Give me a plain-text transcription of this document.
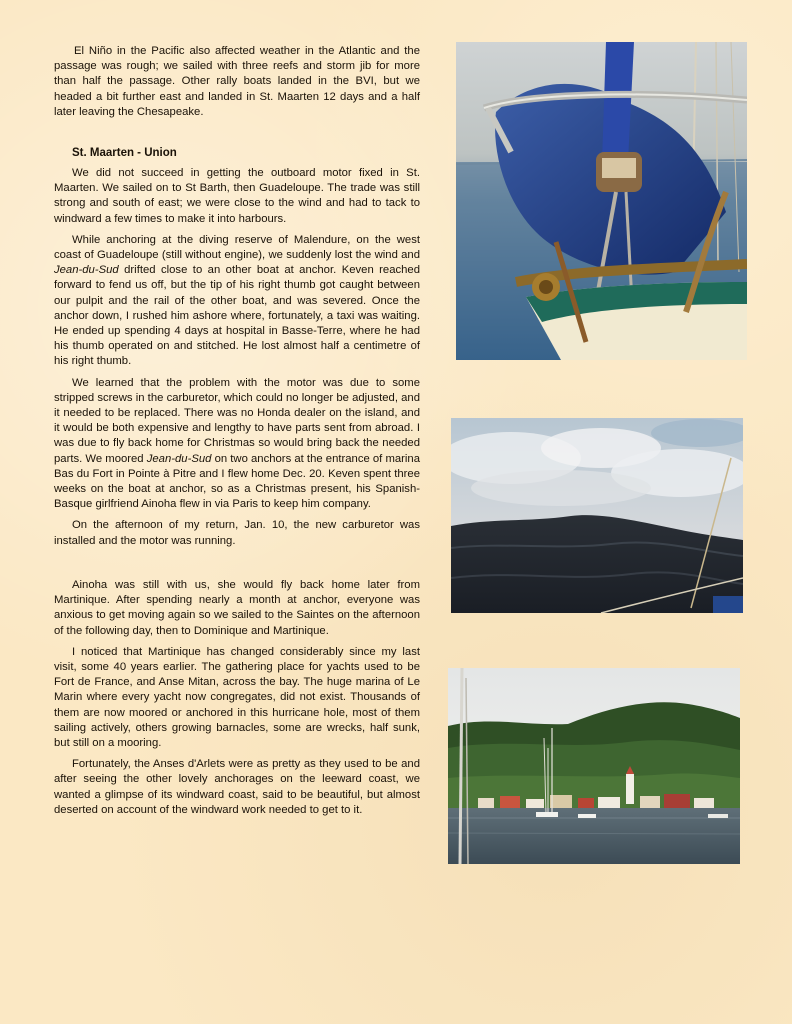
El Niño in the Pacific also affected weather in the Atlantic and the passage was rough; we sailed with three reefs and storm jib for more than half the passage. Other rally boats landed in the BVI, but we headed a bit further east and landed in St. Maarten 12 days and a half later leaving the Chesapeake.

St. Maarten - Union

We did not succeed in getting the outboard motor fixed in St. Maarten. We sailed on to St Barth, then Guadeloupe. The trade was still strong and south of east; we were close to the wind and had to tack to windward a few times to make it into harbours.

While anchoring at the diving reserve of Malendure, on the west coast of Guadeloupe (still without engine), we suddenly lost the wind and Jean-du-Sud drifted close to an other boat at anchor. Keven reached forward to fend us off, but the tip of his right thumb got caught between our pulpit and the rail of the other boat, and was severed. Once the anchor down, I rushed him ashore where, fortunately, a taxi was waiting. He ended up spending 4 days at hospital in Basse-Terre, where he had his thumb operated on and stitched. He lost almost half a centimetre of his right thumb.

We learned that the problem with the motor was due to some stripped screws in the carburetor, which could no longer be adjusted, and it needed to be replaced. There was no Honda dealer on the island, and it would be both expensive and lengthy to have parts sent from abroad. I was due to fly back home for Christmas so would bring back the needed parts. We moored Jean-du-Sud on two anchors at the entrance of marina Bas du Fort in Pointe à Pitre and I flew home Dec. 20. Keven spent three weeks on the boat at anchor, so as a Christmas present, his Spanish-Basque girlfriend Ainoha flew in via Paris to keep him company.

On the afternoon of my return, Jan. 10, the new carburetor was installed and the motor was running.

Ainoha was still with us, she would fly back home later from Martinique. After spending nearly a month at anchor, everyone was anxious to get moving again so we sailed to the Saintes on the afternoon of the following day, then to Dominique and Martinique.

I noticed that Martinique has changed considerably since my last visit, some 40 years earlier. The gathering place for yachts used to be Fort de France, and Anse Mitan, across the bay. The huge marina of Le Marin where every yacht now congregates, did not exist. Thousands of them are now moored or anchored in this hurricane hole, most of them sailing actively, others growing barnacles, some are wrecks, half sunk, but still on a mooring.

Fortunately, the Anses d'Arlets were as pretty as they used to be and after seeing the other lovely anchorages on the leeward coast, we wanted a glimpse of its windward coast, said to be beautiful, but almost deserted on account of the windward work needed to get to it.
